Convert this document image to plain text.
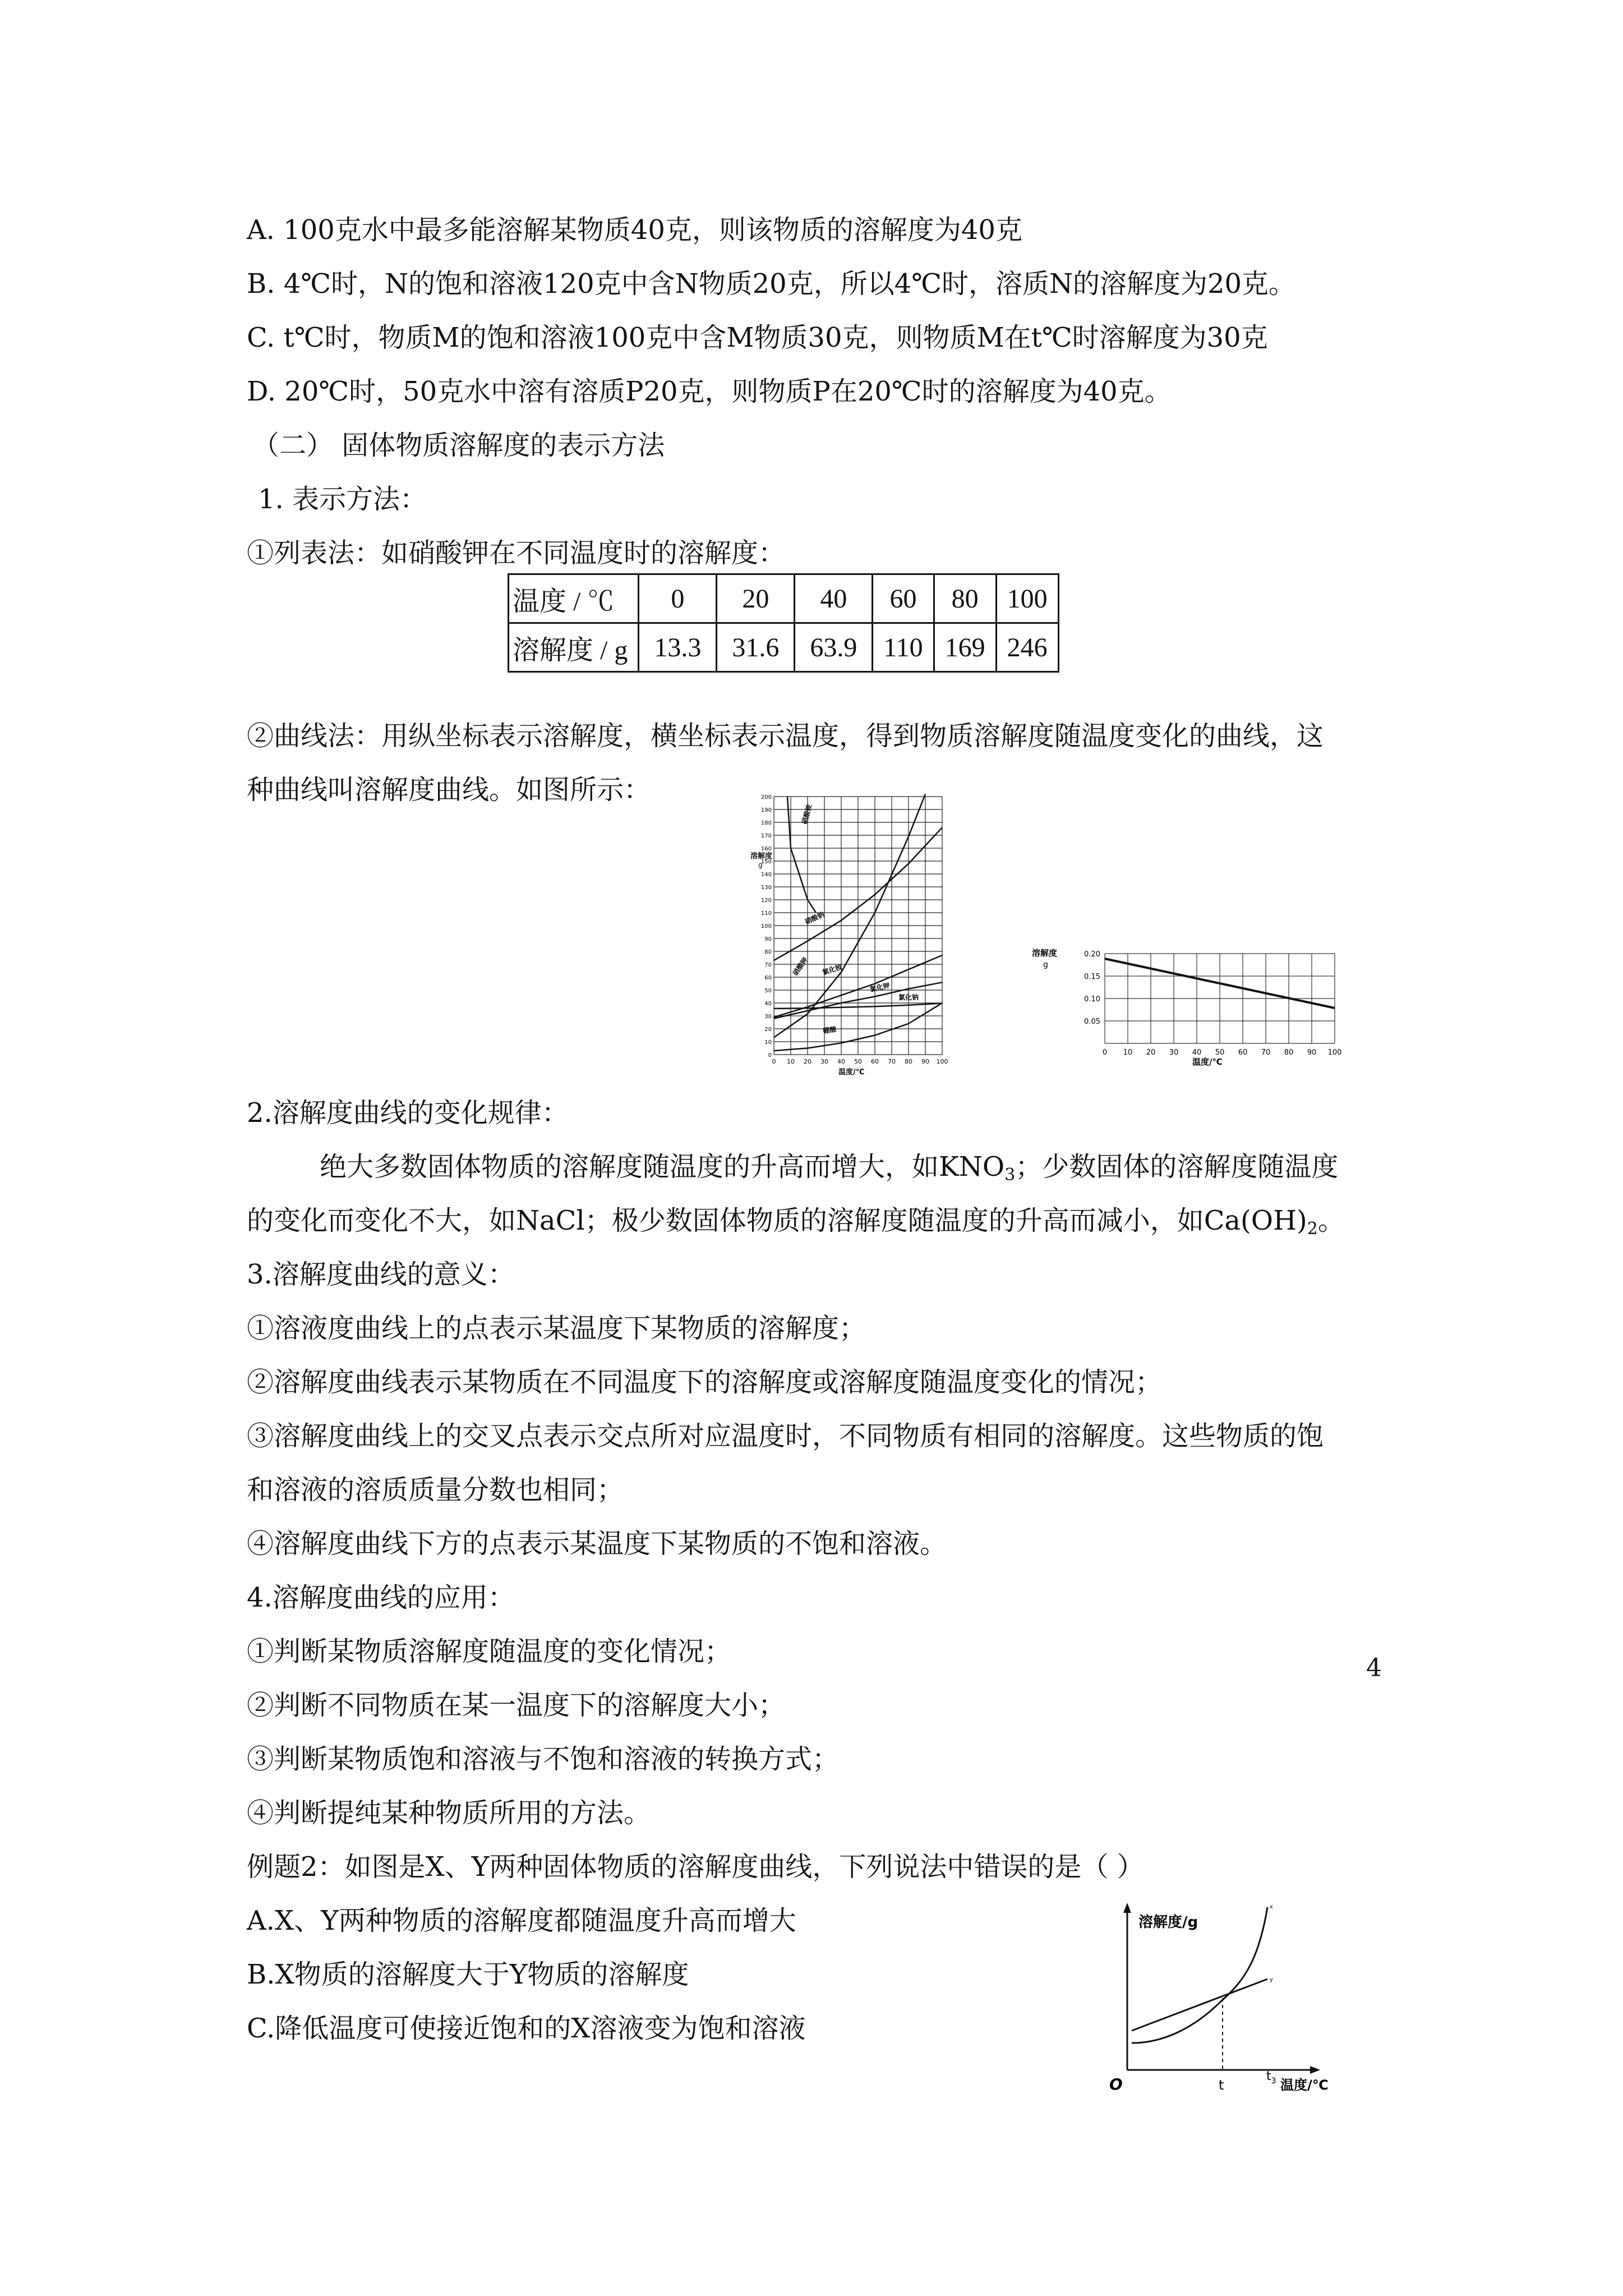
A. 100克水中最多能溶解某物质40克，则该物质的溶解度为40克
B. 4℃时，N的饱和溶液120克中含N物质20克，所以4℃时，溶质N的溶解度为20克。
C. t℃时，物质M的饱和溶液100克中含M物质30克，则物质M在t℃时溶解度为30克
D. 20℃时，50克水中溶有溶质P20克，则物质P在20℃时的溶解度为40克。
（二） 固体物质溶解度的表示方法
1. 表示方法：
①列表法：如硝酸钾在不同温度时的溶解度：
温度 / ℃	0	20	40	60	80	100
溶解度 / g	13.3	31.6	63.9	110	169	246
②曲线法：用纵坐标表示溶解度，横坐标表示温度，得到物质溶解度随温度变化的曲线，这
种曲线叫溶解度曲线。如图所示：
溶解度
g
温度/℃
0
10
20
30
40
50
60
70
80
90
100
110
120
130
140
150
160
170
180
190
200
0 10 20 30 40 50 60 70 80 90 100
硝酸铵
硝酸钠
硝酸钾 氯化铵
氯化钾
氯化钠
硼酸
溶解度
g
温度/℃
0.20
0.15
0.10
0.05
0 10 20 30 40 50 60 70 80 90 100
2.溶解度曲线的变化规律：
绝大多数固体物质的溶解度随温度的升高而增大，如$KNO_3$；少数固体的溶解度随温度
的变化而变化不大，如NaCl；极少数固体物质的溶解度随温度的升高而减小，如$Ca(OH)_2$。
3.溶解度曲线的意义：
①溶液度曲线上的点表示某温度下某物质的溶解度；
②溶解度曲线表示某物质在不同温度下的溶解度或溶解度随温度变化的情况；
③溶解度曲线上的交叉点表示交点所对应温度时，不同物质有相同的溶解度。这些物质的饱
和溶液的溶质质量分数也相同；
④溶解度曲线下方的点表示某温度下某物质的不饱和溶液。
4.溶解度曲线的应用：
①判断某物质溶解度随温度的变化情况；
②判断不同物质在某一温度下的溶解度大小；
③判断某物质饱和溶液与不饱和溶液的转换方式；
④判断提纯某种物质所用的方法。
例题2：如图是X、Y两种固体物质的溶解度曲线，下列说法中错误的是（ ）
A.X、Y两种物质的溶解度都随温度升高而增大
B.X物质的溶解度大于Y物质的溶解度
C.降低温度可使接近饱和的X溶液变为饱和溶液
溶解度/g
O
x
y
t
$t_3$ 温度/℃
4
